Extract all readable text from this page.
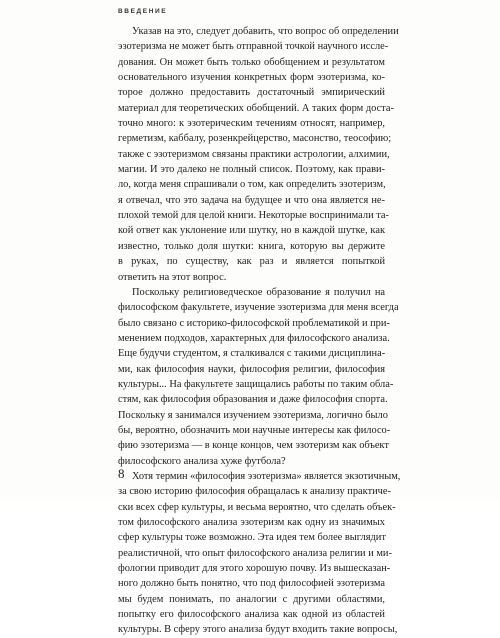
ВВЕДЕНИЕ
Указав на это, следует добавить, что вопрос об определении
эзотеризма не может быть отправной точкой научного иссле-
дования. Он может быть только обобщением и результатом
основательного изучения конкретных форм эзотеризма, ко-
торое должно предоставить достаточный эмпирический
материал для теоретических обобщений. А таких форм доста-
точно много: к эзотерическим течениям относят, например,
герметизм, каббалу, розенкрейцерство, масонство, теософию;
также с эзотеризмом связаны практики астрологии, алхимии,
магии. И это далеко не полный список. Поэтому, как прави-
ло, когда меня спрашивали о том, как определить эзотеризм,
я отвечал, что это задача на будущее и что она является не-
плохой темой для целой книги. Некоторые воспринимали та-
кой ответ как уклонение или шутку, но в каждой шутке, как
известно, только доля шутки: книга, которую вы держите
в руках, по существу, как раз и является попыткой
ответить на этот вопрос.
Поскольку религиоведческое образование я получил на
философском факультете, изучение эзотеризма для меня всегда
было связано с историко-философской проблематикой и при-
менением подходов, характерных для философского анализа.
Еще будучи студентом, я сталкивался с такими дисциплина-
ми, как философия науки, философия религии, философия
культуры... На факультете защищались работы по таким обла-
стям, как философия образования и даже философия спорта.
Поскольку я занимался изучением эзотеризма, логично было
бы, вероятно, обозначить мои научные интересы как филосо-
фию эзотеризма — в конце концов, чем эзотеризм как объект
философского анализа хуже футбола?
Хотя термин «философия эзотеризма» является экзотичным,
за свою историю философия обращалась к анализу практиче-
ски всех сфер культуры, и весьма вероятно, что сделать объек-
том философского анализа эзотеризм как одну из значимых
сфер культуры тоже возможно. Эта идея тем более выглядит
реалистичной, что опыт философского анализа религии и ми-
фологии приводит для этого хорошую почву. Из вышесказан-
ного должно быть понятно, что под философией эзотеризма
мы будем понимать, по аналогии с другими областями,
попытку его философского анализа как одной из областей
культуры. В сферу этого анализа будут входить такие вопросы,
8
